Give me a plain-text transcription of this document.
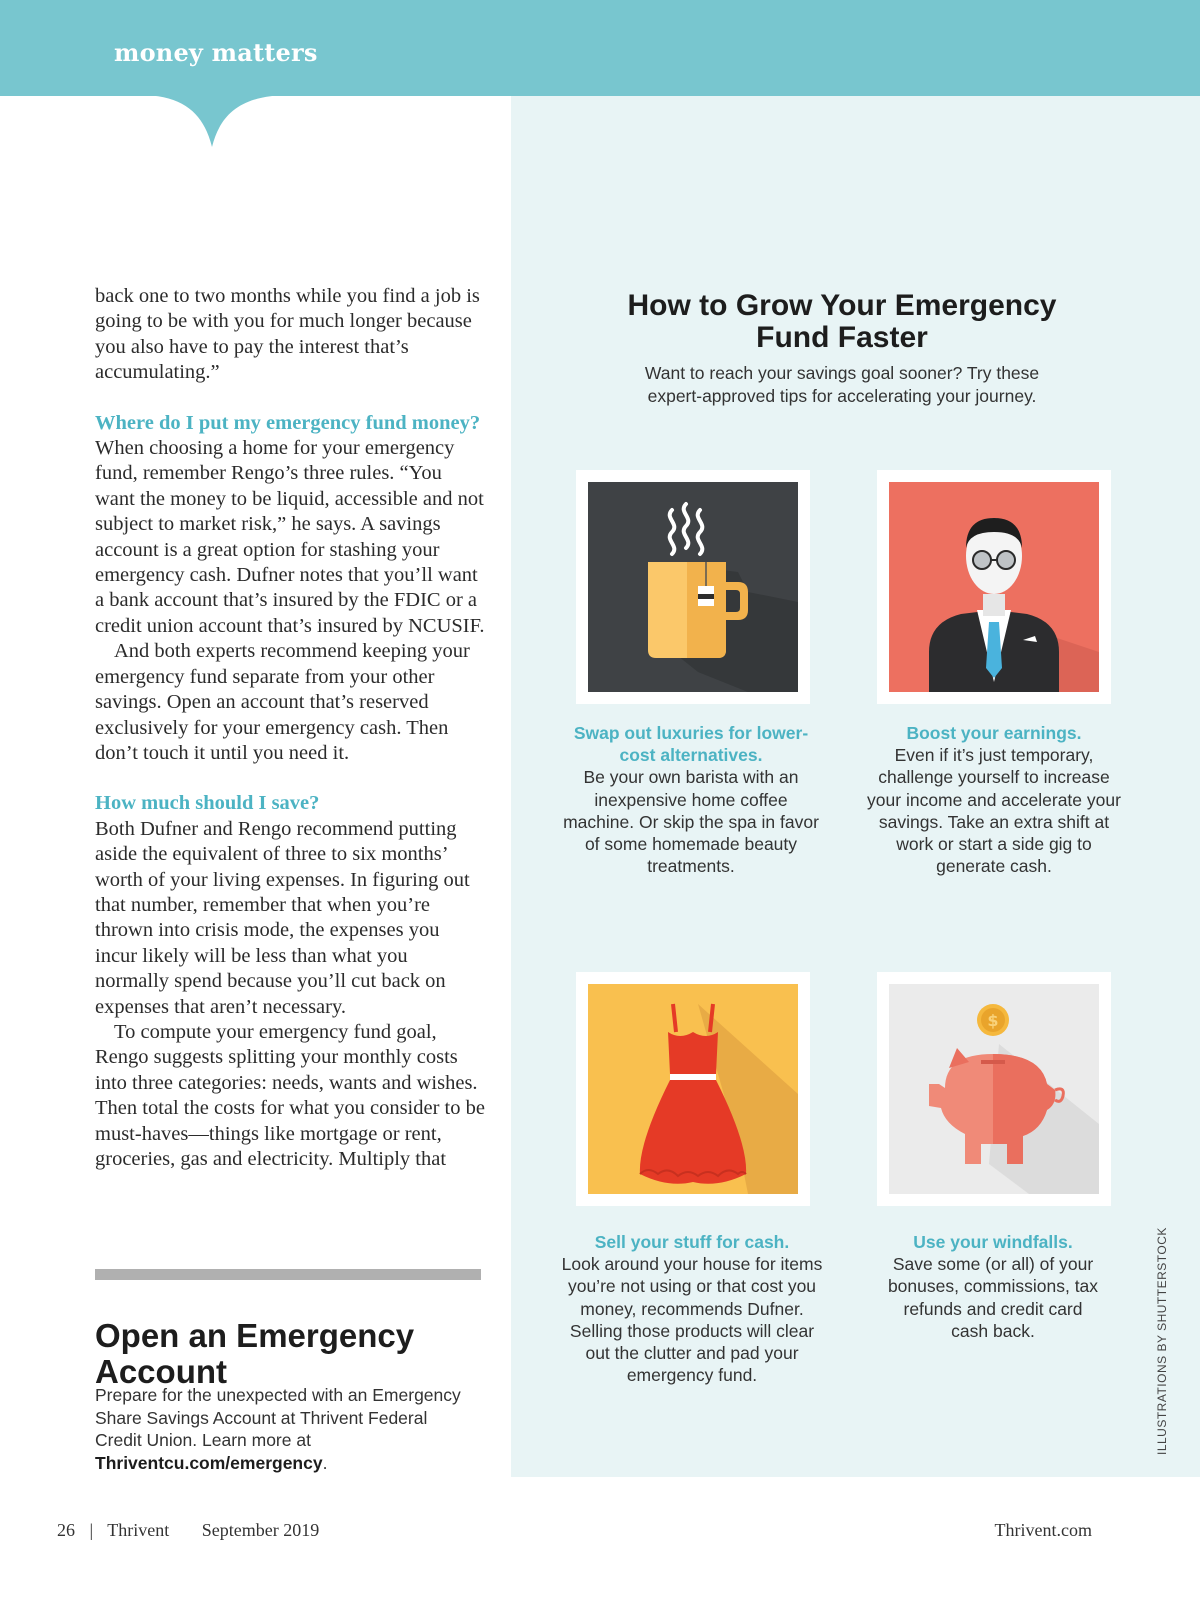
money matters

back one to two months while you find a job is going to be with you for much longer because you also have to pay the interest that’s accumulating.”

Where do I put my emergency fund money?

When choosing a home for your emergency fund, remember Rengo’s three rules. “You want the money to be liquid, accessible and not subject to market risk,” he says. A savings account is a great option for stashing your emergency cash. Dufner notes that you’ll want a bank account that’s insured by the FDIC or a credit union account that’s insured by NCUSIF.

And both experts recommend keeping your emergency fund separate from your other savings. Open an account that’s reserved exclusively for your emergency cash. Then don’t touch it until you need it.

How much should I save?

Both Dufner and Rengo recommend putting aside the equivalent of three to six months’ worth of your living expenses. In figuring out that number, remember that when you’re thrown into crisis mode, the expenses you incur likely will be less than what you normally spend because you’ll cut back on expenses that aren’t necessary.

To compute your emergency fund goal, Rengo suggests splitting your monthly costs into three categories: needs, wants and wishes. Then total the costs for what you consider to be must-haves—things like mortgage or rent, groceries, gas and electricity. Multiply that

Open an Emergency Account
Prepare for the unexpected with an Emergency Share Savings Account at Thrivent Federal Credit Union. Learn more at Thriventcu.com/emergency.
How to Grow Your Emergency Fund Faster
Want to reach your savings goal sooner? Try these expert-approved tips for accelerating your journey.
$
Swap out luxuries for lower-cost alternatives.
Be your own barista with an inexpensive home coffee machine. Or skip the spa in favor of some homemade beauty treatments.
Boost your earnings.
Even if it’s just temporary, challenge yourself to increase your income and accelerate your savings. Take an extra shift at work or start a side gig to generate cash.
Sell your stuff for cash.
Look around your house for items you’re not using or that cost you money, recommends Dufner. Selling those products will clear out the clutter and pad your emergency fund.
Use your windfalls.
Save some (or all) of your bonuses, commissions, tax refunds and credit card cash back.	ILLUSTRATIONS BY SHUTTERSTOCK
26 | Thrivent September 2019	Thrivent.com
